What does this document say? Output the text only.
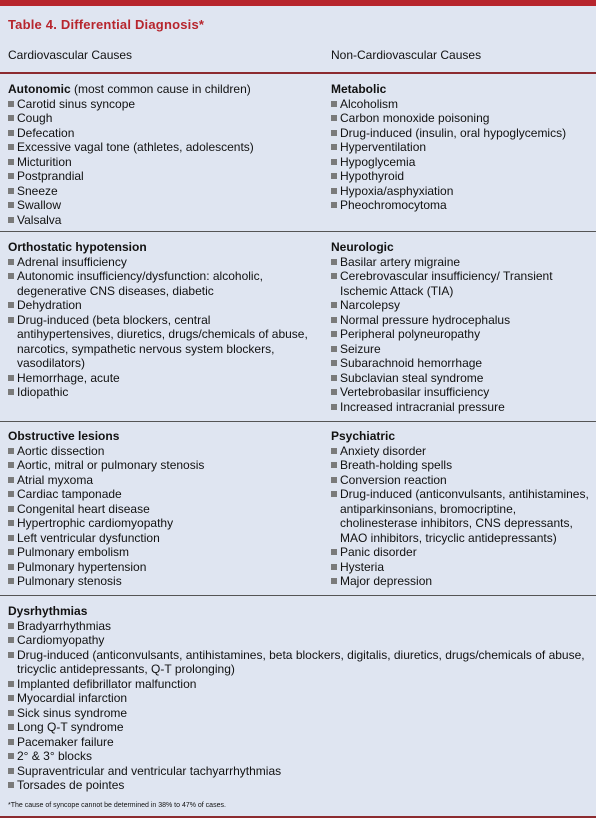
Table 4. Differential Diagnosis*
Cardiovascular Causes	Non-Cardiovascular Causes
Autonomic (most common cause in children)
Carotid sinus syncope
Cough
Defecation
Excessive vagal tone (athletes, adolescents)
Micturition
Postprandial
Sneeze
Swallow
Valsalva
Metabolic
Alcoholism
Carbon monoxide poisoning
Drug-induced (insulin, oral hypoglycemics)
Hyperventilation
Hypoglycemia
Hypothyroid
Hypoxia/asphyxiation
Pheochromocytoma
Orthostatic hypotension
Adrenal insufficiency
Autonomic insufficiency/dysfunction: alcoholic, degenerative CNS diseases, diabetic
Dehydration
Drug-induced (beta blockers, central antihypertensives, diuretics, drugs/chemicals of abuse, narcotics, sympathetic nervous system blockers, vasodilators)
Hemorrhage, acute
Idiopathic
Neurologic
Basilar artery migraine
Cerebrovascular insufficiency/ Transient Ischemic Attack (TIA)
Narcolepsy
Normal pressure hydrocephalus
Peripheral polyneuropathy
Seizure
Subarachnoid hemorrhage
Subclavian steal syndrome
Vertebrobasilar insufficiency
Increased intracranial pressure
Obstructive lesions
Aortic dissection
Aortic, mitral or pulmonary stenosis
Atrial myxoma
Cardiac tamponade
Congenital heart disease
Hypertrophic cardiomyopathy
Left ventricular dysfunction
Pulmonary embolism
Pulmonary hypertension
Pulmonary stenosis
Psychiatric
Anxiety disorder
Breath-holding spells
Conversion reaction
Drug-induced (anticonvulsants, antihistamines, antiparkinsonians, bromocriptine, cholinesterase inhibitors, CNS depressants, MAO inhibitors, tricyclic antidepressants)
Panic disorder
Hysteria
Major depression
Dysrhythmias
Bradyarrhythmias
Cardiomyopathy
Drug-induced (anticonvulsants, antihistamines, beta blockers, digitalis, diuretics, drugs/chemicals of abuse, tricyclic antidepressants, Q-T prolonging)
Implanted defibrillator malfunction
Myocardial infarction
Sick sinus syndrome
Long Q-T syndrome
Pacemaker failure
2° & 3° blocks
Supraventricular and ventricular tachyarrhythmias
Torsades de pointes
*The cause of syncope cannot be determined in 38% to 47% of cases.
